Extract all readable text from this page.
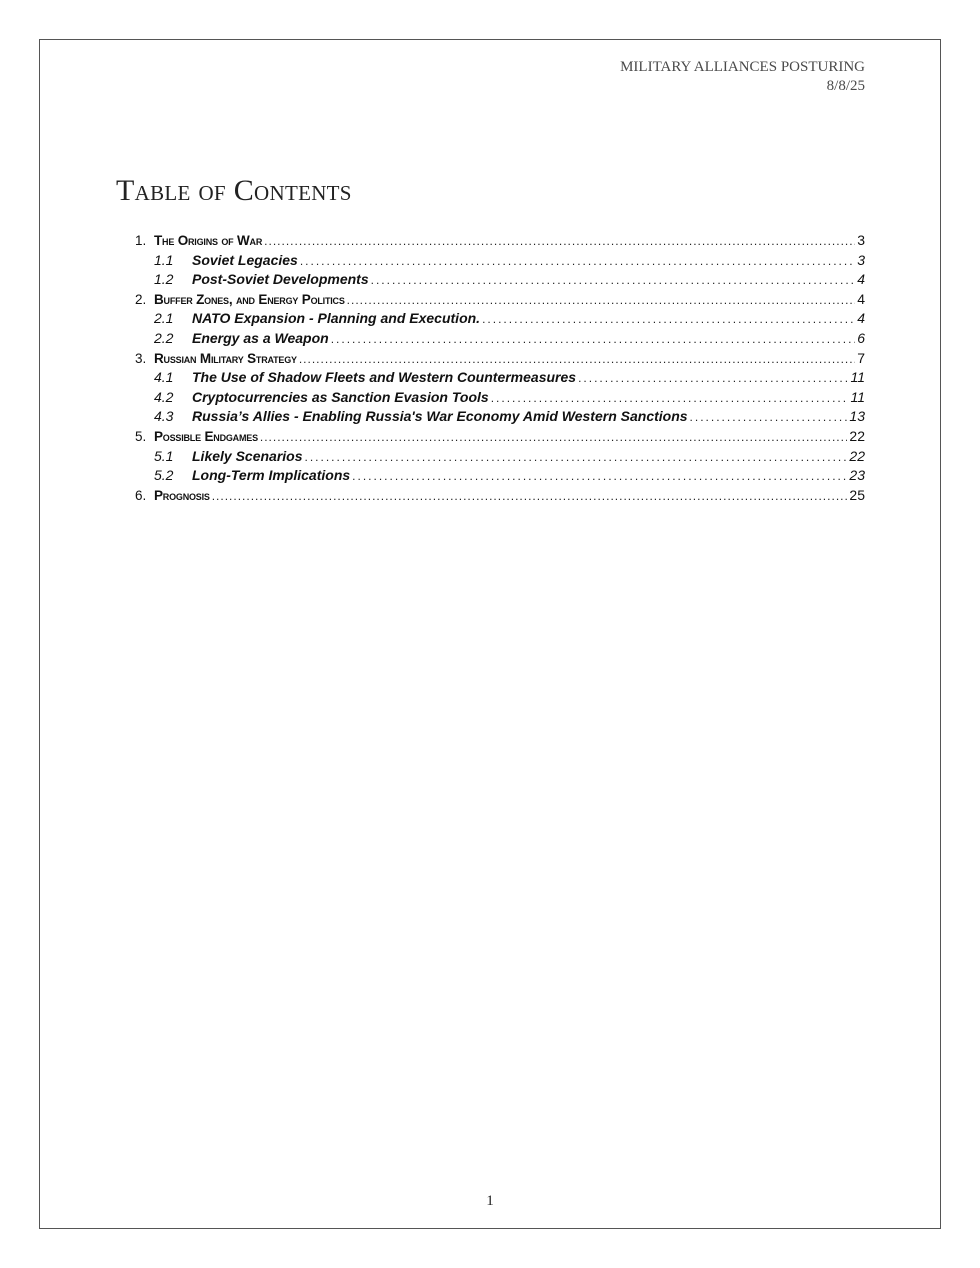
MILITARY ALLIANCES POSTURING
8/8/25
Table of Contents
1. The Origins of War .....	3
1.1	Soviet Legacies .....	3
1.2	Post-Soviet Developments .....	4
2. Buffer Zones, and Energy Politics .....	4
2.1	NATO Expansion - Planning and Execution. .....	4
2.2	Energy as a Weapon .....	6
3. Russian Military Strategy .....	7
4.1	The Use of Shadow Fleets and Western Countermeasures .....	11
4.2	Cryptocurrencies as Sanction Evasion Tools .....	11
4.3	Russia’s Allies - Enabling Russia's War Economy Amid Western Sanctions .....	13
5. Possible Endgames .....	22
5.1	Likely Scenarios .....	22
5.2	Long-Term Implications .....	23
6. Prognosis .....	25
1
